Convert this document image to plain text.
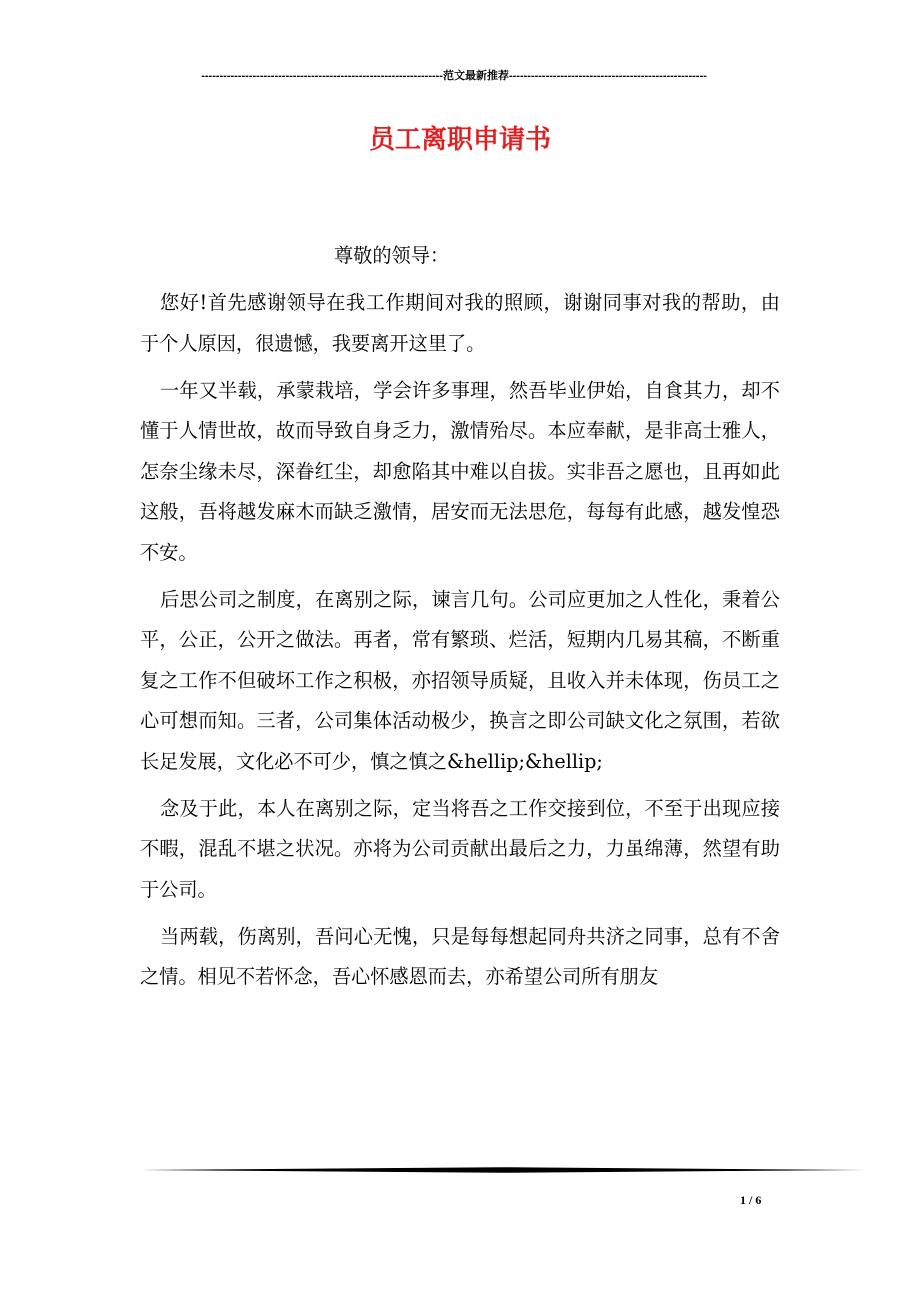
------------------------------------------------------------------范文最新推荐------------------------------------------------------
员工离职申请书

尊敬的领导：

您好!首先感谢领导在我工作期间对我的照顾，谢谢同事对我的帮助，由于个人原因，很遗憾，我要离开这里了。

一年又半载，承蒙栽培，学会许多事理，然吾毕业伊始，自食其力，却不懂于人情世故，故而导致自身乏力，激情殆尽。本应奉献，是非高士雅人，怎奈尘缘未尽，深眷红尘，却愈陷其中难以自拔。实非吾之愿也，且再如此这般，吾将越发麻木而缺乏激情，居安而无法思危，每每有此感，越发惶恐不安。

后思公司之制度，在离别之际，谏言几句。公司应更加之人性化，秉着公平，公正，公开之做法。再者，常有繁琐、烂活，短期内几易其稿，不断重复之工作不但破坏工作之积极，亦招领导质疑，且收入并未体现，伤员工之心可想而知。三者，公司集体活动极少，换言之即公司缺文化之氛围，若欲长足发展，文化必不可少，慎之慎之&hellip;&hellip;

念及于此，本人在离别之际，定当将吾之工作交接到位，不至于出现应接不暇，混乱不堪之状况。亦将为公司贡献出最后之力，力虽绵薄，然望有助于公司。

当两载，伤离别，吾问心无愧，只是每每想起同舟共济之同事，总有不舍之情。相见不若怀念，吾心怀感恩而去，亦希望公司所有朋友

1 / 6
